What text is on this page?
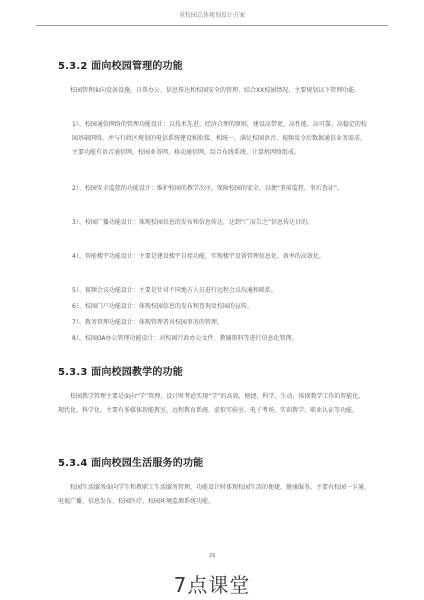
重校园总体规划设计方案
5.3.2 面向校园管理的功能
校园管理面向设备设施、日常办公、信息传达和校园安全的管理。结合XX校园情况，主要规划以下管理功能。
1）、校园通信网络的管理功能设计：以技术先进、经济合理的原则，建设高带宽、高性能、高可靠、高稳定的校园基础网络，并与行政区规划的电信系统建设相衔接，相统一，满足校园语音、视频及今后数据通信业务需求。主要功能有语音通信网、校园业务网、移动通信网、综合布线系统、计算机网络组成。
2）、校园安全监控的功能设计：维护校园的教学次序，保障校园的安全，以便“事前监控、事后查证”。
3）、校园广播功能设计：体现校园信息的发布和信息传达，达到“广而告之”信息传达目的。
4）、智能楼宇功能设计：主要是建设楼宇自控功能，实现楼宇设备管理信息化、效率的高效化。
5）、视频会议功能设计：主要是针对不同地方人员进行远程会议沟通和联系。
6）、校园门户功能设计：体现校园信息的发布和查询及校园的宣传。
7）、教务管理功能设计：体现管理者对校园事务的管理。
8）、校园OA办公管理功能设计：对校园行政办公文件、教辅资料等进行信息化管理。
5.3.3 面向校园教学的功能
校园教学管理主要是面向“学”管理，设计时考虑实现“学”的高效、便捷、科学、生动，体现教学工作的智能化、现代化、科学化。主要有多媒体智能教室、远程教育系统、虚拟实验室、电子考场、实训教学、职业认证等功能。
5.3.4 面向校园生活服务的功能
校园生活服务面向学生和教职工生活服务管理，功能设计时体现校园生活的便捷、健康服务。主要有校园一卡通、电视广播、信息发布、校园医疗、校园环境监测系统功能。
29
7点课堂
